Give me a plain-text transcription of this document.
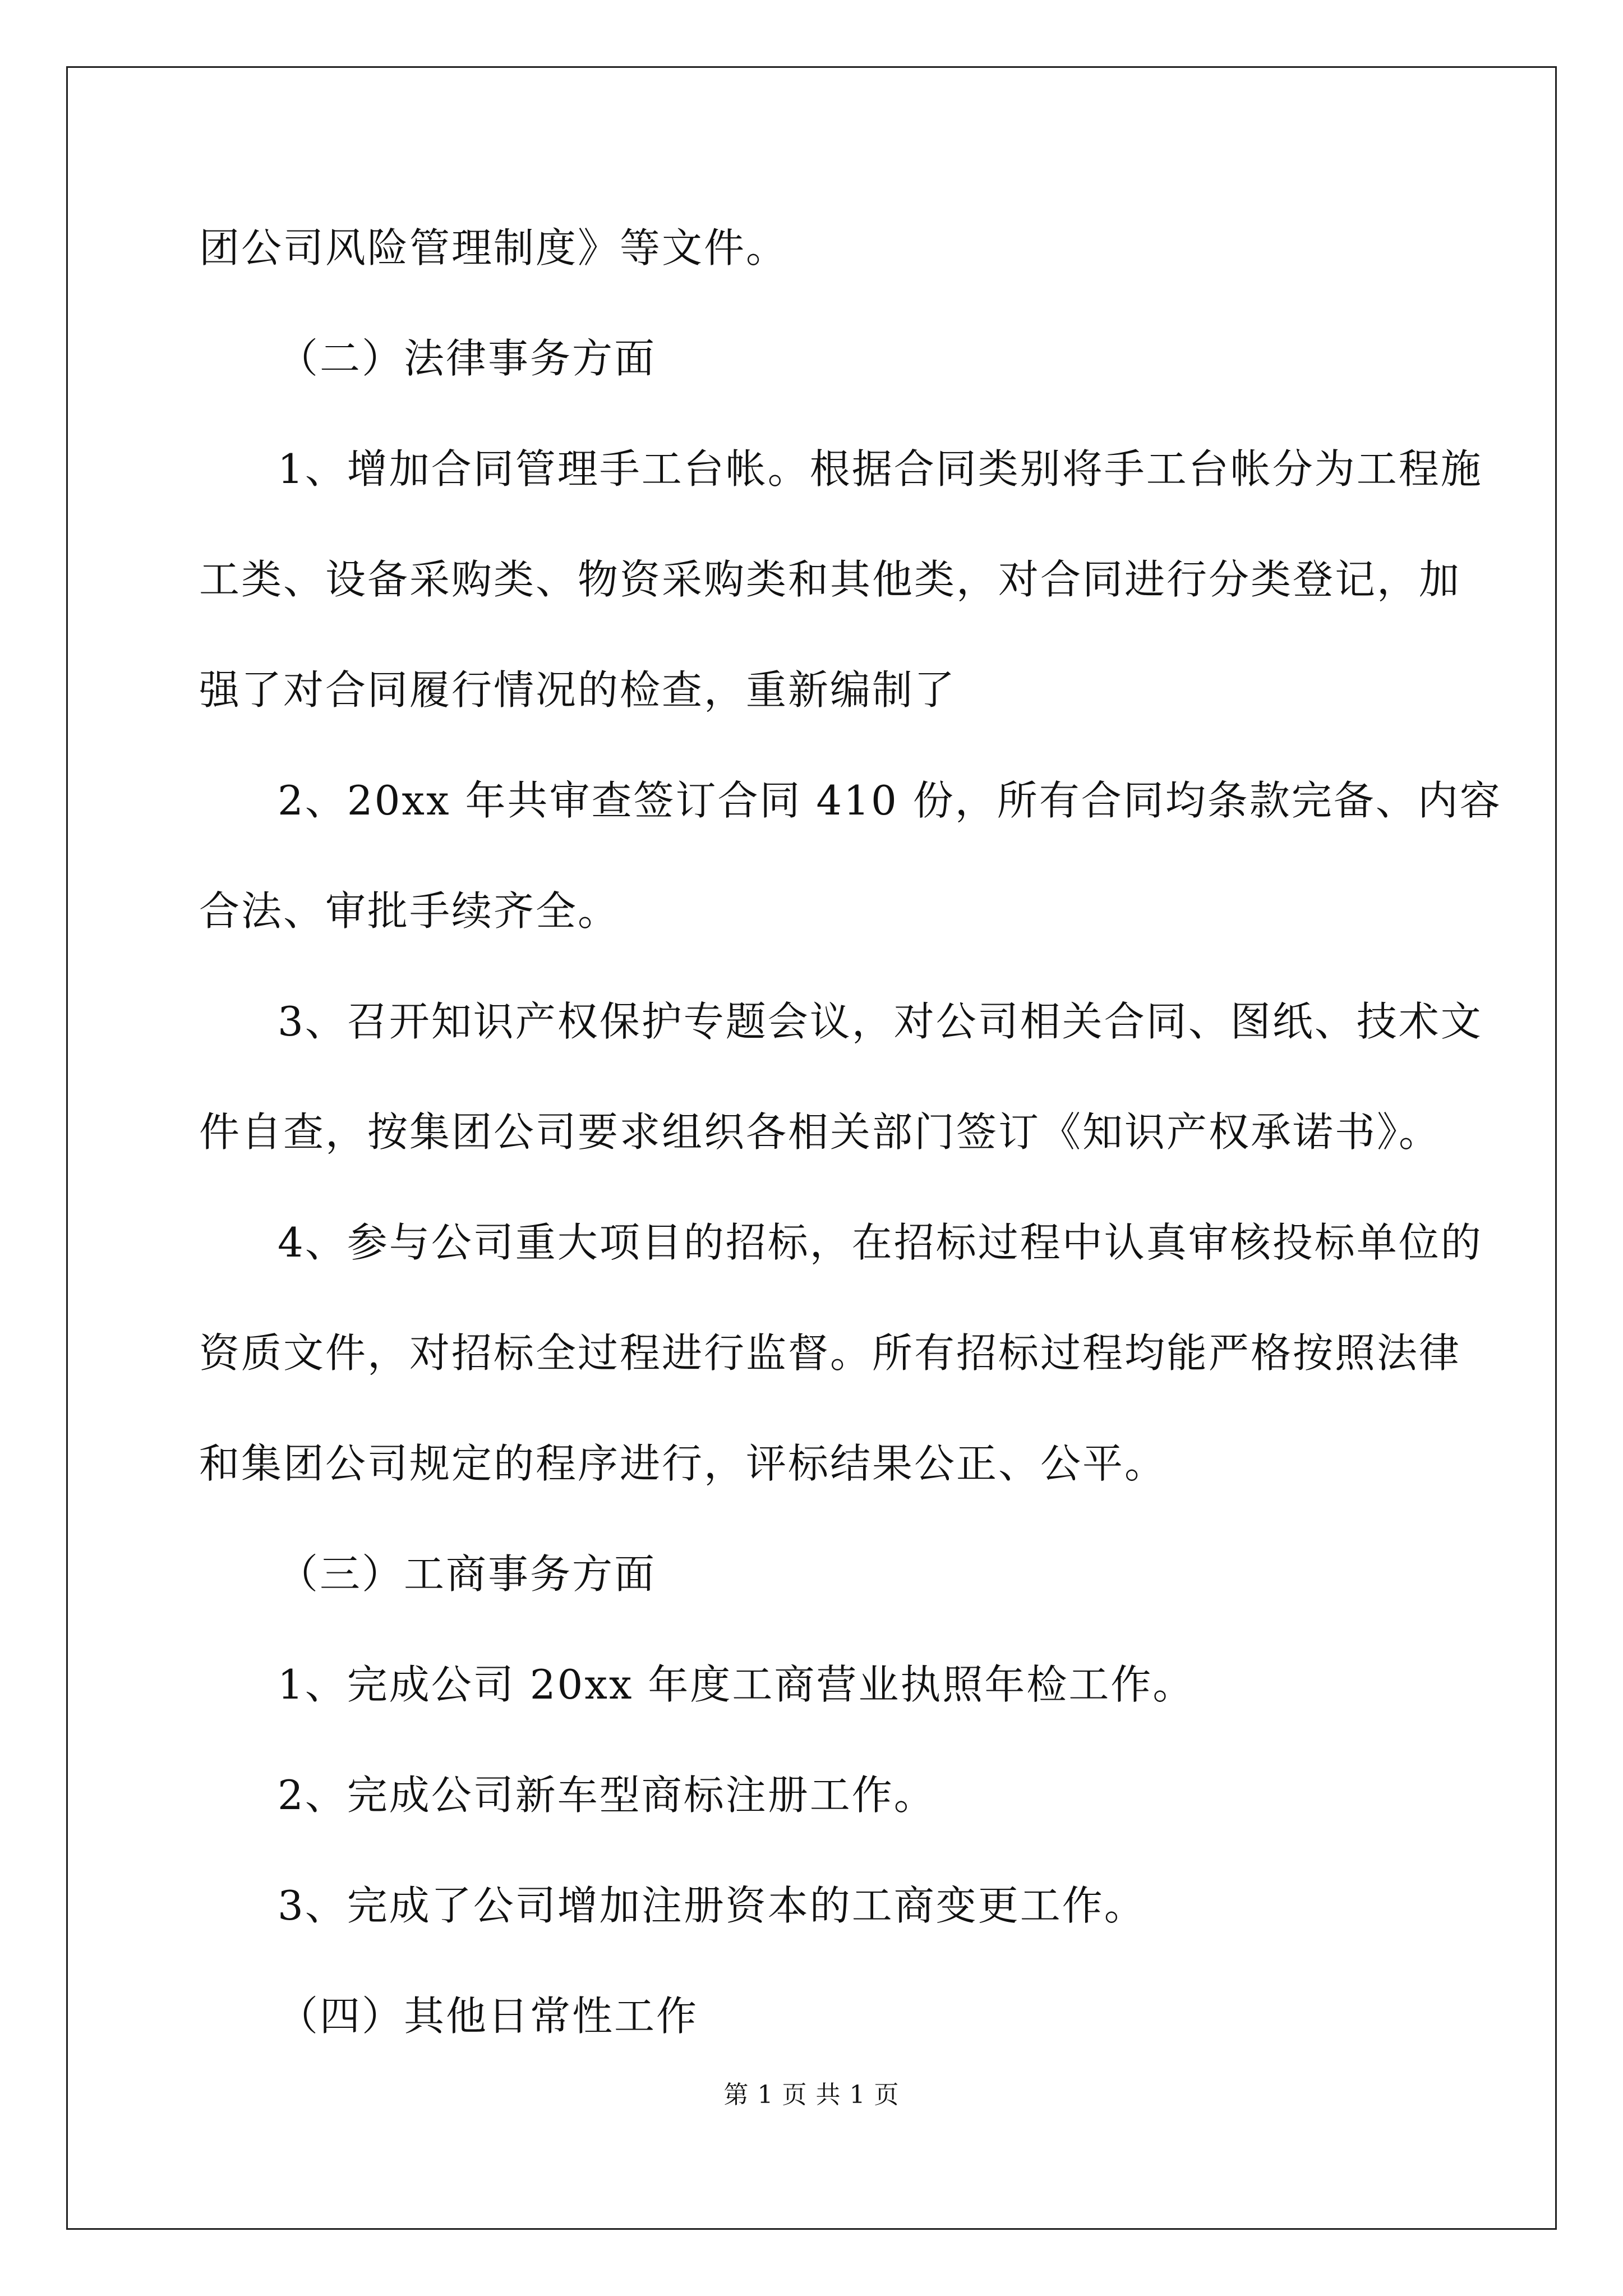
团公司风险管理制度》等文件。
（二）法律事务方面
1、增加合同管理手工台帐。根据合同类别将手工台帐分为工程施
工类、设备采购类、物资采购类和其他类，对合同进行分类登记，加
强了对合同履行情况的检查，重新编制了
2、20xx 年共审查签订合同 410 份，所有合同均条款完备、内容
合法、审批手续齐全。
3、召开知识产权保护专题会议，对公司相关合同、图纸、技术文
件自查，按集团公司要求组织各相关部门签订《知识产权承诺书》。
4、参与公司重大项目的招标，在招标过程中认真审核投标单位的
资质文件，对招标全过程进行监督。所有招标过程均能严格按照法律
和集团公司规定的程序进行，评标结果公正、公平。
（三）工商事务方面
1、完成公司 20xx 年度工商营业执照年检工作。
2、完成公司新车型商标注册工作。
3、完成了公司增加注册资本的工商变更工作。
（四）其他日常性工作
第 1 页 共 1 页
